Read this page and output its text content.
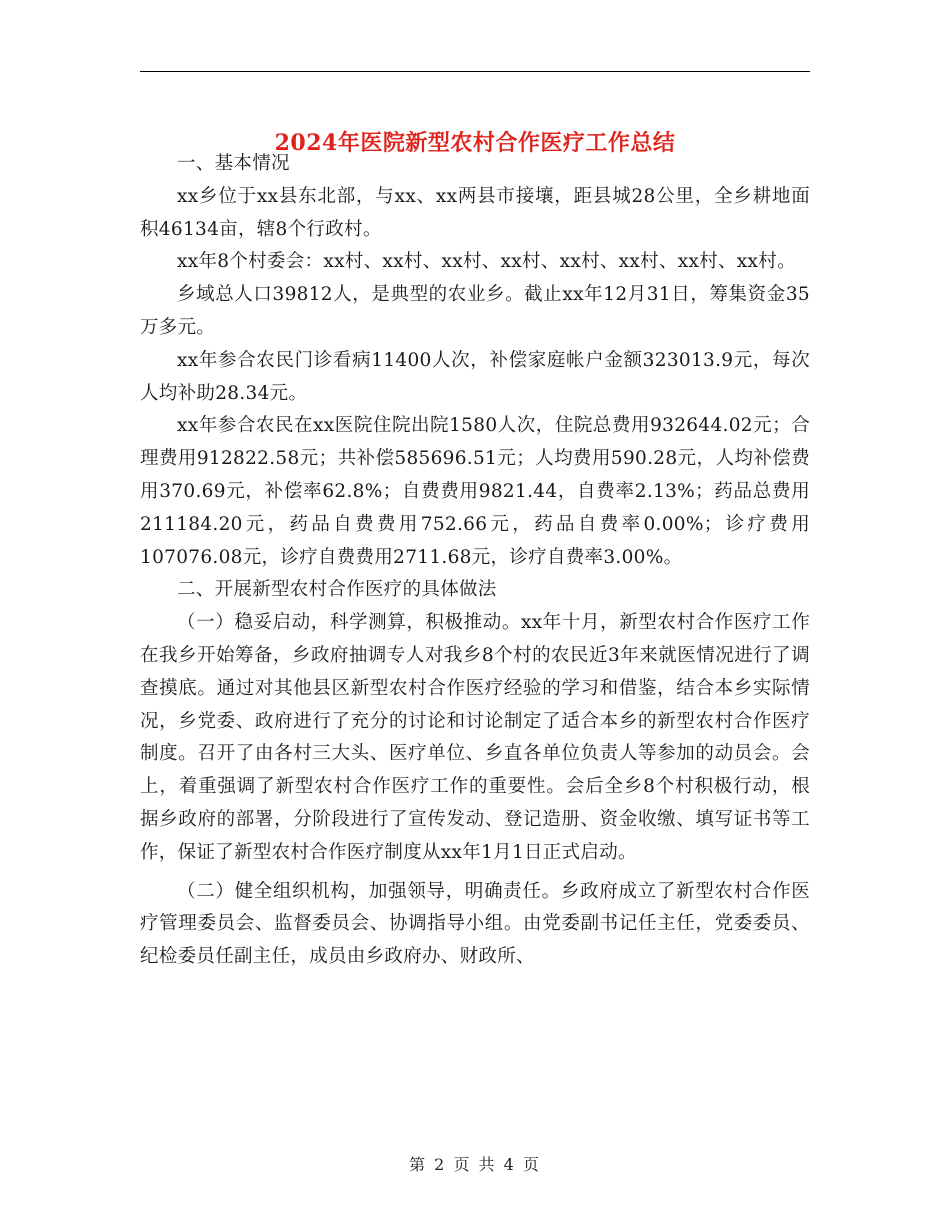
2024年医院新型农村合作医疗工作总结

一、基本情况

xx乡位于xx县东北部，与xx、xx两县市接壤，距县城28公里，全乡耕地面积46134亩，辖8个行政村。

xx年8个村委会：xx村、xx村、xx村、xx村、xx村、xx村、xx村、xx村。

乡域总人口39812人，是典型的农业乡。截止xx年12月31日，筹集资金35万多元。

xx年参合农民门诊看病11400人次，补偿家庭帐户金额323013.9元，每次人均补助28.34元。

xx年参合农民在xx医院住院出院1580人次，住院总费用932644.02元；合理费用912822.58元；共补偿585696.51元；人均费用590.28元，人均补偿费用370.69元，补偿率62.8%；自费费用9821.44，自费率2.13%；药品总费用211184.20元，药品自费费用752.66元，药品自费率0.00%；诊疗费用107076.08元，诊疗自费费用2711.68元，诊疗自费率3.00%。

二、开展新型农村合作医疗的具体做法

（一）稳妥启动，科学测算，积极推动。xx年十月，新型农村合作医疗工作在我乡开始筹备，乡政府抽调专人对我乡8个村的农民近3年来就医情况进行了调查摸底。通过对其他县区新型农村合作医疗经验的学习和借鉴，结合本乡实际情况，乡党委、政府进行了充分的讨论和讨论制定了适合本乡的新型农村合作医疗制度。召开了由各村三大头、医疗单位、乡直各单位负责人等参加的动员会。会上，着重强调了新型农村合作医疗工作的重要性。会后全乡8个村积极行动，根据乡政府的部署，分阶段进行了宣传发动、登记造册、资金收缴、填写证书等工作，保证了新型农村合作医疗制度从xx年1月1日正式启动。

（二）健全组织机构，加强领导，明确责任。乡政府成立了新型农村合作医疗管理委员会、监督委员会、协调指导小组。由党委副书记任主任，党委委员、纪检委员任副主任，成员由乡政府办、财政所、

第 2 页 共 4 页
